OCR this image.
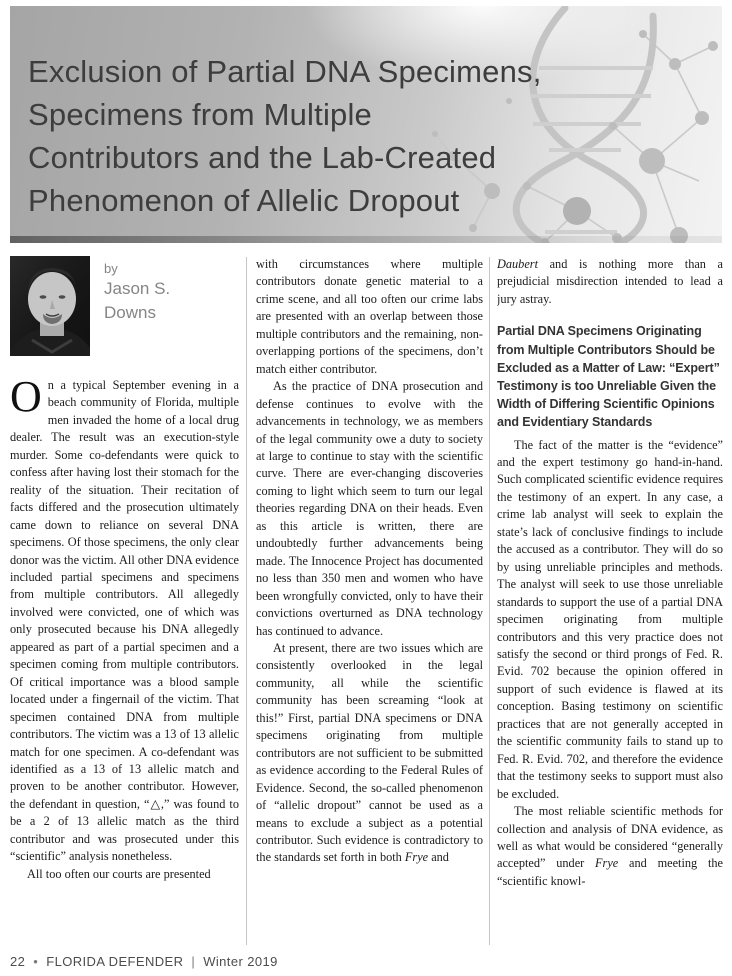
Exclusion of Partial DNA Specimens,
Specimens from Multiple
Contributors and the Lab-Created
Phenomenon of Allelic Dropout
by
Jason S.
Downs

On a typical September evening in a beach community of Florida, multiple men invaded the home of a local drug dealer. The result was an execution-style murder. Some co-defendants were quick to confess after having lost their stomach for the reality of the situation. Their recitation of facts differed and the prosecution ultimately came down to reliance on several DNA specimens. Of those specimens, the only clear donor was the victim. All other DNA evidence included partial specimens and specimens from multiple contributors. All allegedly involved were convicted, one of which was only prosecuted because his DNA allegedly appeared as part of a partial specimen and a specimen coming from multiple contributors. Of critical importance was a blood sample located under a fingernail of the victim. That specimen contained DNA from multiple contributors. The victim was a 13 of 13 allelic match for one specimen. A co-defendant was identified as a 13 of 13 allelic match and proven to be another contributor. However, the defendant in question, “△,” was found to be a 2 of 13 allelic match as the third contributor and was prosecuted under this “scientific” analysis nonetheless.

All too often our courts are presented

with circumstances where multiple contributors donate genetic material to a crime scene, and all too often our crime labs are presented with an overlap between those multiple contributors and the remaining, non-overlapping portions of the specimens, don’t match either contributor.

As the practice of DNA prosecution and defense continues to evolve with the advancements in technology, we as members of the legal community owe a duty to society at large to continue to stay with the scientific curve. There are ever-changing discoveries coming to light which seem to turn our legal theories regarding DNA on their heads. Even as this article is written, there are undoubtedly further advancements being made. The Innocence Project has documented no less than 350 men and women who have been wrongfully convicted, only to have their convictions overturned as DNA technology has continued to advance.

At present, there are two issues which are consistently overlooked in the legal community, all while the scientific community has been screaming “look at this!” First, partial DNA specimens or DNA specimens originating from multiple contributors are not sufficient to be submitted as evidence according to the Federal Rules of Evidence. Second, the so-called phenomenon of “allelic dropout” cannot be used as a means to exclude a subject as a potential contributor. Such evidence is contradictory to the standards set forth in both Frye and

Daubert and is nothing more than a prejudicial misdirection intended to lead a jury astray.

Partial DNA Specimens Originating from Multiple Contributors Should be Excluded as a Matter of Law: “Expert” Testimony is too Unreliable Given the Width of Differing Scientific Opinions and Evidentiary Standards

The fact of the matter is the “evidence” and the expert testimony go hand-in-hand. Such complicated scientific evidence requires the testimony of an expert. In any case, a crime lab analyst will seek to explain the state’s lack of conclusive findings to include the accused as a contributor. They will do so by using unreliable principles and methods. The analyst will seek to use those unreliable standards to support the use of a partial DNA specimen originating from multiple contributors and this very practice does not satisfy the second or third prongs of Fed. R. Evid. 702 because the opinion offered in support of such evidence is flawed at its conception. Basing testimony on scientific practices that are not generally accepted in the scientific community fails to stand up to Fed. R. Evid. 702, and therefore the evidence that the testimony seeks to support must also be excluded.

The most reliable scientific methods for collection and analysis of DNA evidence, as well as what would be considered “generally accepted” under Frye and meeting the “scientific knowl-

22 • FLORIDA DEFENDER | Winter 2019
